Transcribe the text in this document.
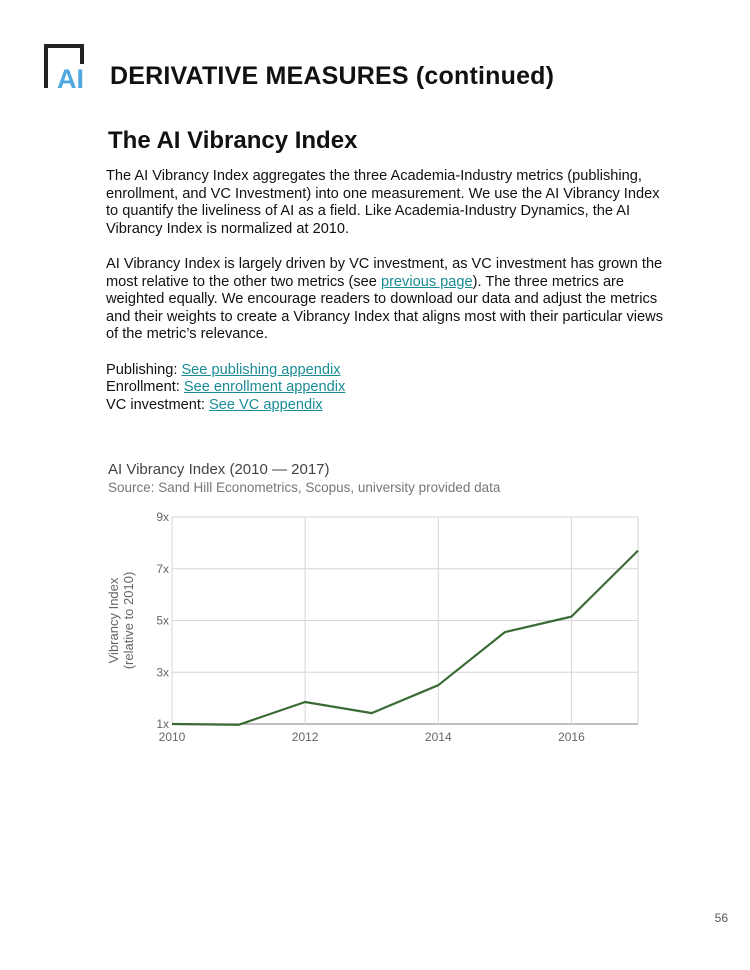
AI DERIVATIVE MEASURES (continued)
The AI Vibrancy Index

The AI Vibrancy Index aggregates the three Academia-Industry metrics (publishing, enrollment, and VC Investment) into one measurement. We use the AI Vibrancy Index to quantify the liveliness of AI as a field. Like Academia-Industry Dynamics, the AI Vibrancy Index is normalized at 2010.

AI Vibrancy Index is largely driven by VC investment, as VC investment has grown the most relative to the other two metrics (see previous page). The three metrics are weighted equally. We encourage readers to download our data and adjust the metrics and their weights to create a Vibrancy Index that aligns most with their particular views of the metric’s relevance.

Publishing: See publishing appendix
Enrollment: See enrollment appendix
VC investment: See VC appendix
AI Vibrancy Index (2010 — 2017)
Source: Sand Hill Econometrics, Scopus, university provided data
1x
3x
5x
7x
9x
2010	2012	2014	2016
Vibrancy Index(relative to 2010)
56
